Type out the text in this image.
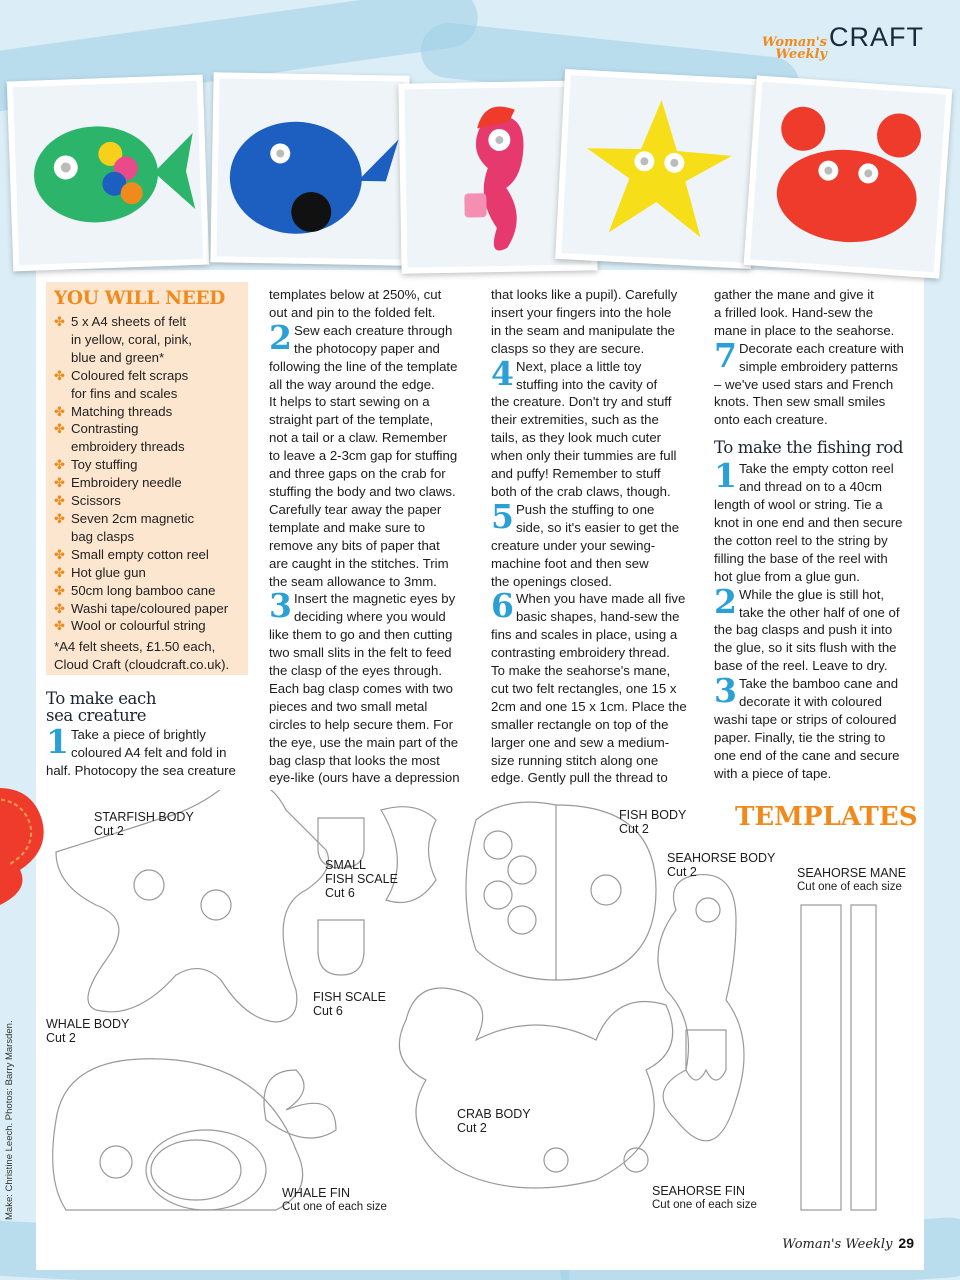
Woman's
Weekly
CRAFT
YOU WILL NEED
✤ 5 x A4 sheets of felt
in yellow, coral, pink,
blue and green*
✤ Coloured felt scraps
for fins and scales
✤ Matching threads
✤ Contrasting
embroidery threads
✤ Toy stuffing
✤ Embroidery needle
✤ Scissors
✤ Seven 2cm magnetic
bag clasps
✤ Small empty cotton reel
✤ Hot glue gun
✤ 50cm long bamboo cane
✤ Washi tape/coloured paper
✤ Wool or colourful string
*A4 felt sheets, £1.50 each,
Cloud Craft (cloudcraft.co.uk).
To make each
sea creature
1 Take a piece of brightly

coloured A4 felt and fold in

half. Photocopy the sea creature

templates below at 250%, cut

out and pin to the folded felt.

2 Sew each creature through

the photocopy paper and

following the line of the template

all the way around the edge.

It helps to start sewing on a

straight part of the template,

not a tail or a claw. Remember

to leave a 2-3cm gap for stuffing

and three gaps on the crab for

stuffing the body and two claws.

Carefully tear away the paper

template and make sure to

remove any bits of paper that

are caught in the stitches. Trim

the seam allowance to 3mm.

3 Insert the magnetic eyes by

deciding where you would

like them to go and then cutting

two small slits in the felt to feed

the clasp of the eyes through.

Each bag clasp comes with two

pieces and two small metal

circles to help secure them. For

the eye, use the main part of the

bag clasp that looks the most

eye-like (ours have a depression

that looks like a pupil). Carefully

insert your fingers into the hole

in the seam and manipulate the

clasps so they are secure.

4 Next, place a little toy

stuffing into the cavity of

the creature. Don't try and stuff

their extremities, such as the

tails, as they look much cuter

when only their tummies are full

and puffy! Remember to stuff

both of the crab claws, though.

5 Push the stuffing to one

side, so it's easier to get the

creature under your sewing-

machine foot and then sew

the openings closed.

6 When you have made all five

basic shapes, hand-sew the

fins and scales in place, using a

contrasting embroidery thread.

To make the seahorse's mane,

cut two felt rectangles, one 15 x

2cm and one 15 x 1cm. Place the

smaller rectangle on top of the

larger one and sew a medium-

size running stitch along one

edge. Gently pull the thread to

gather the mane and give it

a frilled look. Hand-sew the

mane in place to the seahorse.

7 Decorate each creature with

simple embroidery patterns

– we've used stars and French

knots. Then sew small smiles

onto each creature.

To make the fishing rod
1 Take the empty cotton reel

and thread on to a 40cm

length of wool or string. Tie a

knot in one end and then secure

the cotton reel to the string by

filling the base of the reel with

hot glue from a glue gun.

2 While the glue is still hot,

take the other half of one of

the bag clasps and push it into

the glue, so it sits flush with the

base of the reel. Leave to dry.

3 Take the bamboo cane and

decorate it with coloured

washi tape or strips of coloured

paper. Finally, tie the string to

one end of the cane and secure

with a piece of tape.

TEMPLATES
STARFISH BODY
Cut 2
SMALL
FISH SCALE
Cut 6
FISH SCALE
Cut 6
FISH BODY
Cut 2
SEAHORSE BODY
Cut 2	SEAHORSE MANE
Cut one of each size
WHALE BODY
Cut 2
CRAB BODY
Cut 2
WHALE FIN
Cut one of each size
SEAHORSE FIN
Cut one of each size
Make: Christine Leech. Photos: Barry Marsden.
Woman's Weekly 29
